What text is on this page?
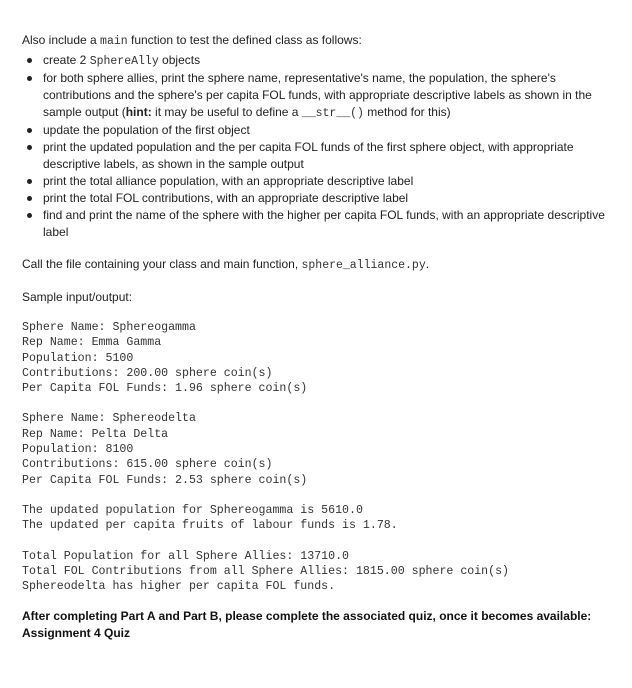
Also include a main function to test the defined class as follows:
create 2 SphereAlly objects
for both sphere allies, print the sphere name, representative's name, the population, the sphere's contributions and the sphere's per capita FOL funds, with appropriate descriptive labels as shown in the sample output (hint: it may be useful to define a __str__() method for this)
update the population of the first object
print the updated population and the per capita FOL funds of the first sphere object, with appropriate descriptive labels, as shown in the sample output
print the total alliance population, with an appropriate descriptive label
print the total FOL contributions, with an appropriate descriptive label
find and print the name of the sphere with the higher per capita FOL funds, with an appropriate descriptive label
Call the file containing your class and main function, sphere_alliance.py.
Sample input/output:
Sphere Name: Sphereogamma
Rep Name: Emma Gamma
Population: 5100
Contributions: 200.00 sphere coin(s)
Per Capita FOL Funds: 1.96 sphere coin(s)
Sphere Name: Sphereodelta
Rep Name: Pelta Delta
Population: 8100
Contributions: 615.00 sphere coin(s)
Per Capita FOL Funds: 2.53 sphere coin(s)
The updated population for Sphereogamma is 5610.0
The updated per capita fruits of labour funds is 1.78.
Total Population for all Sphere Allies: 13710.0
Total FOL Contributions from all Sphere Allies: 1815.00 sphere coin(s)
Sphereodelta has higher per capita FOL funds.
After completing Part A and Part B, please complete the associated quiz, once it becomes available:
Assignment 4 Quiz
